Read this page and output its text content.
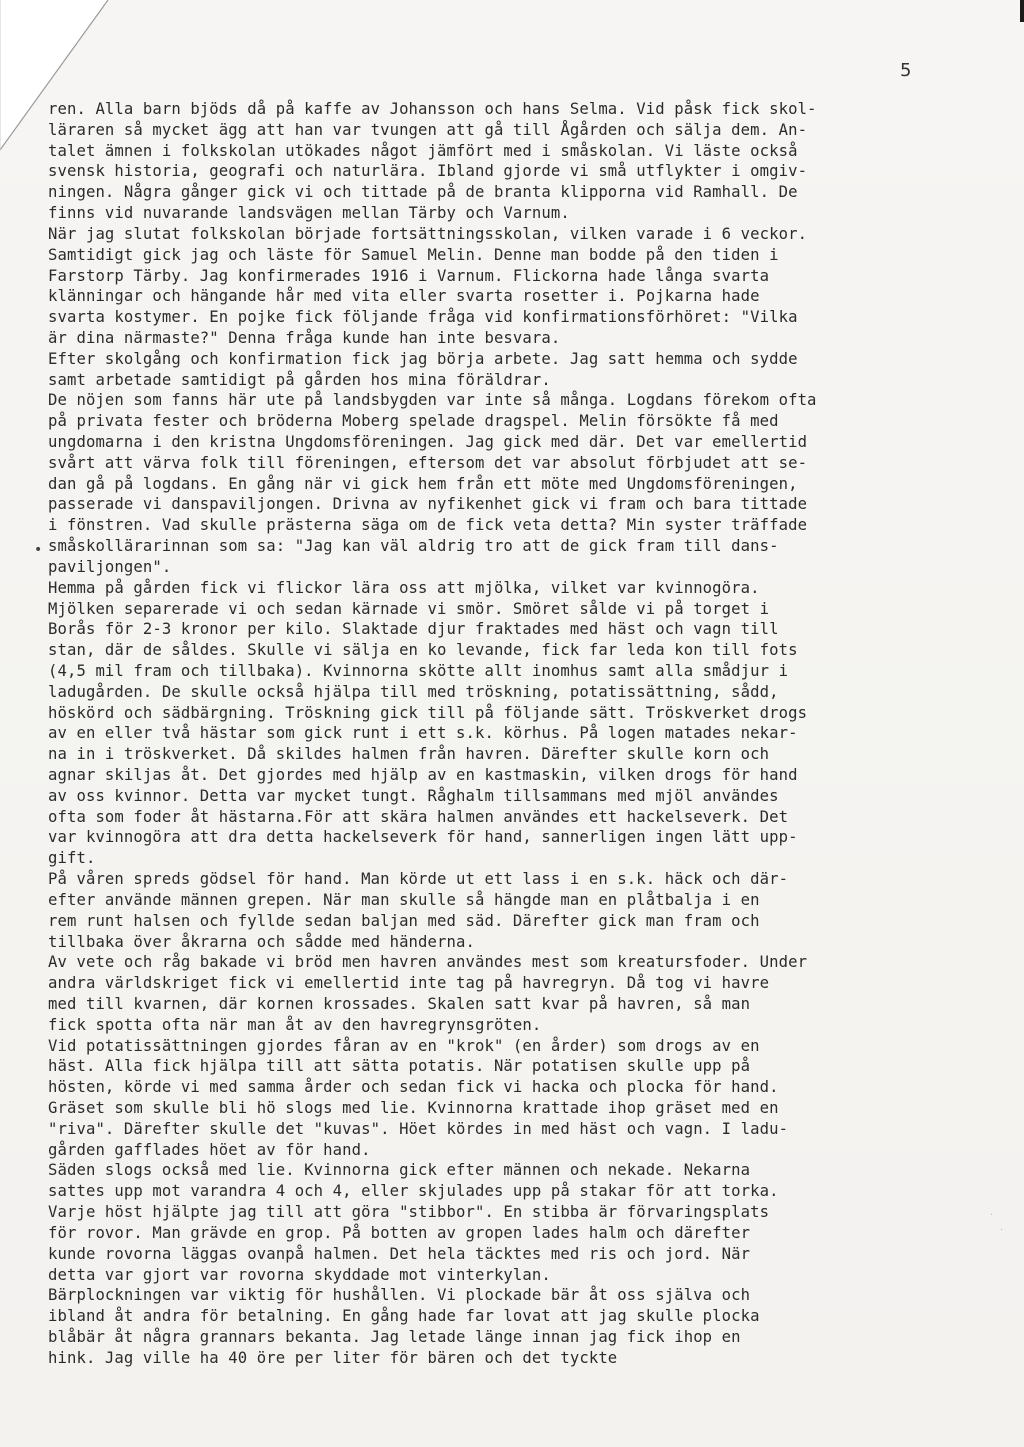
5
•
·
·
ren. Alla barn bjöds då på kaffe av Johansson och hans Selma. Vid påsk fick skol-
läraren så mycket ägg att han var tvungen att gå till Ågården och sälja dem. An-
talet ämnen i folkskolan utökades något jämfört med i småskolan. Vi läste också
svensk historia, geografi och naturlära. Ibland gjorde vi små utflykter i omgiv-
ningen. Några gånger gick vi och tittade på de branta klipporna vid Ramhall. De
finns vid nuvarande landsvägen mellan Tärby och Varnum.
När jag slutat folkskolan började fortsättningsskolan, vilken varade i 6 veckor.
Samtidigt gick jag och läste för Samuel Melin. Denne man bodde på den tiden i
Farstorp Tärby. Jag konfirmerades 1916 i Varnum. Flickorna hade långa svarta
klänningar och hängande hår med vita eller svarta rosetter i. Pojkarna hade
svarta kostymer. En pojke fick följande fråga vid konfirmationsförhöret: "Vilka
är dina närmaste?" Denna fråga kunde han inte besvara.
Efter skolgång och konfirmation fick jag börja arbete. Jag satt hemma och sydde
samt arbetade samtidigt på gården hos mina föräldrar.
De nöjen som fanns här ute på landsbygden var inte så många. Logdans förekom ofta
på privata fester och bröderna Moberg spelade dragspel. Melin försökte få med
ungdomarna i den kristna Ungdomsföreningen. Jag gick med där. Det var emellertid
svårt att värva folk till föreningen, eftersom det var absolut förbjudet att se-
dan gå på logdans. En gång när vi gick hem från ett möte med Ungdomsföreningen,
passerade vi danspaviljongen. Drivna av nyfikenhet gick vi fram och bara tittade
i fönstren. Vad skulle prästerna säga om de fick veta detta? Min syster träffade
småskollärarinnan som sa: "Jag kan väl aldrig tro att de gick fram till dans-
paviljongen".
Hemma på gården fick vi flickor lära oss att mjölka, vilket var kvinnogöra.
Mjölken separerade vi och sedan kärnade vi smör. Smöret sålde vi på torget i
Borås för 2-3 kronor per kilo. Slaktade djur fraktades med häst och vagn till
stan, där de såldes. Skulle vi sälja en ko levande, fick far leda kon till fots
(4,5 mil fram och tillbaka). Kvinnorna skötte allt inomhus samt alla smådjur i
ladugården. De skulle också hjälpa till med tröskning, potatissättning, sådd,
höskörd och sädbärgning. Tröskning gick till på följande sätt. Tröskverket drogs
av en eller två hästar som gick runt i ett s.k. körhus. På logen matades nekar-
na in i tröskverket. Då skildes halmen från havren. Därefter skulle korn och
agnar skiljas åt. Det gjordes med hjälp av en kastmaskin, vilken drogs för hand
av oss kvinnor. Detta var mycket tungt. Råghalm tillsammans med mjöl användes
ofta som foder åt hästarna.För att skära halmen användes ett hackelseverk. Det
var kvinnogöra att dra detta hackelseverk för hand, sannerligen ingen lätt upp-
gift.
På våren spreds gödsel för hand. Man körde ut ett lass i en s.k. häck och där-
efter använde männen grepen. När man skulle så hängde man en plåtbalja i en
rem runt halsen och fyllde sedan baljan med säd. Därefter gick man fram och
tillbaka över åkrarna och sådde med händerna.
Av vete och råg bakade vi bröd men havren användes mest som kreatursfoder. Under
andra världskriget fick vi emellertid inte tag på havregryn. Då tog vi havre
med till kvarnen, där kornen krossades. Skalen satt kvar på havren, så man
fick spotta ofta när man åt av den havregrynsgröten.
Vid potatissättningen gjordes fåran av en "krok" (en årder) som drogs av en
häst. Alla fick hjälpa till att sätta potatis. När potatisen skulle upp på
hösten, körde vi med samma årder och sedan fick vi hacka och plocka för hand.
Gräset som skulle bli hö slogs med lie. Kvinnorna krattade ihop gräset med en
"riva". Därefter skulle det "kuvas". Höet kördes in med häst och vagn. I ladu-
gården gafflades höet av för hand.
Säden slogs också med lie. Kvinnorna gick efter männen och nekade. Nekarna
sattes upp mot varandra 4 och 4, eller skjulades upp på stakar för att torka.
Varje höst hjälpte jag till att göra "stibbor". En stibba är förvaringsplats
för rovor. Man grävde en grop. På botten av gropen lades halm och därefter
kunde rovorna läggas ovanpå halmen. Det hela täcktes med ris och jord. När
detta var gjort var rovorna skyddade mot vinterkylan.
Bärplockningen var viktig för hushållen. Vi plockade bär åt oss själva och
ibland åt andra för betalning. En gång hade far lovat att jag skulle plocka
blåbär åt några grannars bekanta. Jag letade länge innan jag fick ihop en
hink. Jag ville ha 40 öre per liter för bären och det tyckte
